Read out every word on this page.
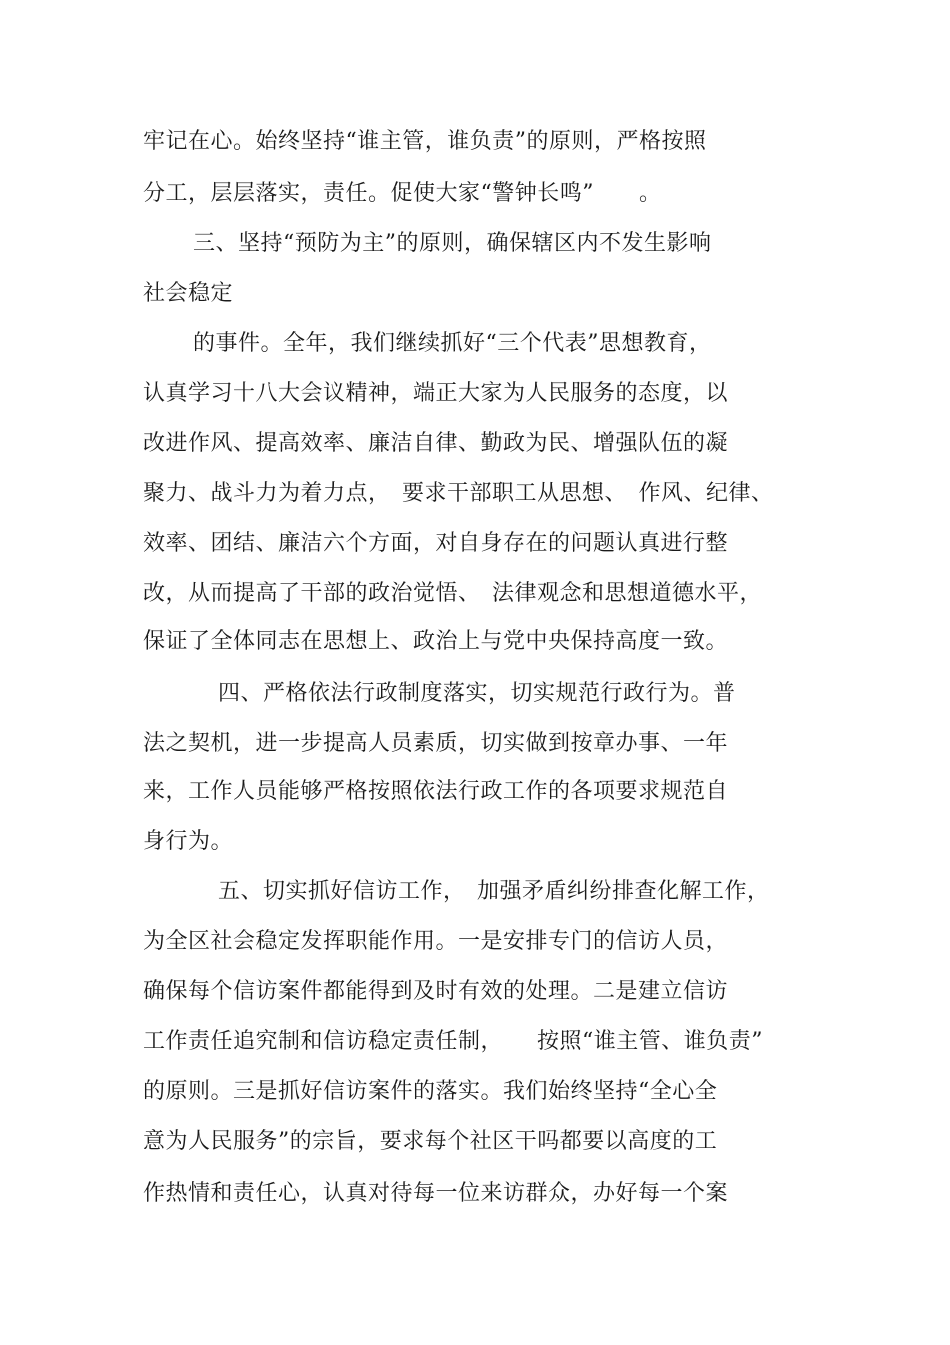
牢记在心。始终坚持“谁主管，谁负责”的原则，严格按照

分工，层层落实，责任。促使大家“警钟长鸣”　　。

三、坚持“预防为主”的原则，确保辖区内不发生影响

社会稳定

的事件。全年，我们继续抓好“三个代表”思想教育，

认真学习十八大会议精神，端正大家为人民服务的态度，以

改进作风、提高效率、廉洁自律、勤政为民、增强队伍的凝

聚力、战斗力为着力点，　要求干部职工从思想、　作风、纪律、

效率、团结、廉洁六个方面，对自身存在的问题认真进行整

改，从而提高了干部的政治觉悟、　法律观念和思想道德水平，

保证了全体同志在思想上、政治上与党中央保持高度一致。

四、严格依法行政制度落实，切实规范行政行为。普

法之契机，进一步提高人员素质，切实做到按章办事、一年

来，工作人员能够严格按照依法行政工作的各项要求规范自

身行为。

五、切实抓好信访工作，　加强矛盾纠纷排查化解工作，

为全区社会稳定发挥职能作用。一是安排专门的信访人员，

确保每个信访案件都能得到及时有效的处理。二是建立信访

工作责任追究制和信访稳定责任制，　　按照“谁主管、谁负责”

的原则。三是抓好信访案件的落实。我们始终坚持“全心全

意为人民服务”的宗旨，要求每个社区干吗都要以高度的工

作热情和责任心，认真对待每一位来访群众，办好每一个案
